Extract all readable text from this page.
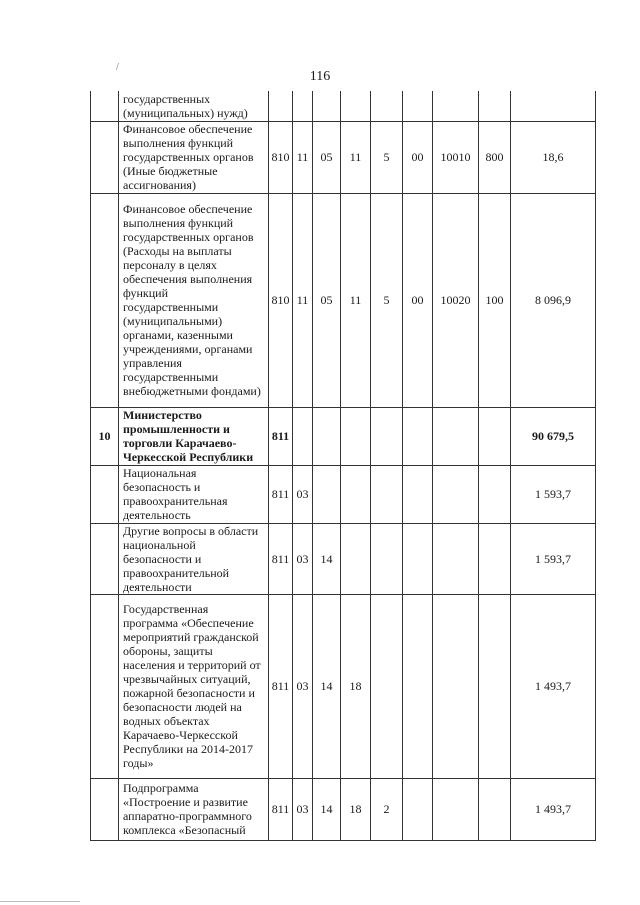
/
116
	государственных (муниципальных) нужд)									
	Финансовое обеспечение выполнения функций государственных органов (Иные бюджетные ассигнования)	810	11	05	11	5	00	10010	800	18,6
	Финансовое обеспечение выполнения функций государственных органов (Расходы на выплаты персоналу в целях обеспечения выполнения функций государственными (муниципальными) органами, казенными учреждениями, органами управления государственными внебюджетными фондами)	810	11	05	11	5	00	10020	100	8 096,9
10	Министерство промышленности и торговли Карачаево-Черкесской Республики	811								90 679,5
	Национальная безопасность и правоохранительная деятельность	811	03							1 593,7
	Другие вопросы в области национальной безопасности и правоохранительной деятельности	811	03	14						1 593,7
	Государственная программа «Обеспечение мероприятий гражданской обороны, защиты населения и территорий от чрезвычайных ситуаций, пожарной безопасности и безопасности людей на водных объектах Карачаево-Черкесской Республики на 2014-2017 годы»	811	03	14	18					1 493,7
	Подпрограмма «Построение и развитие аппаратно-программного комплекса «Безопасный	811	03	14	18	2				1 493,7
